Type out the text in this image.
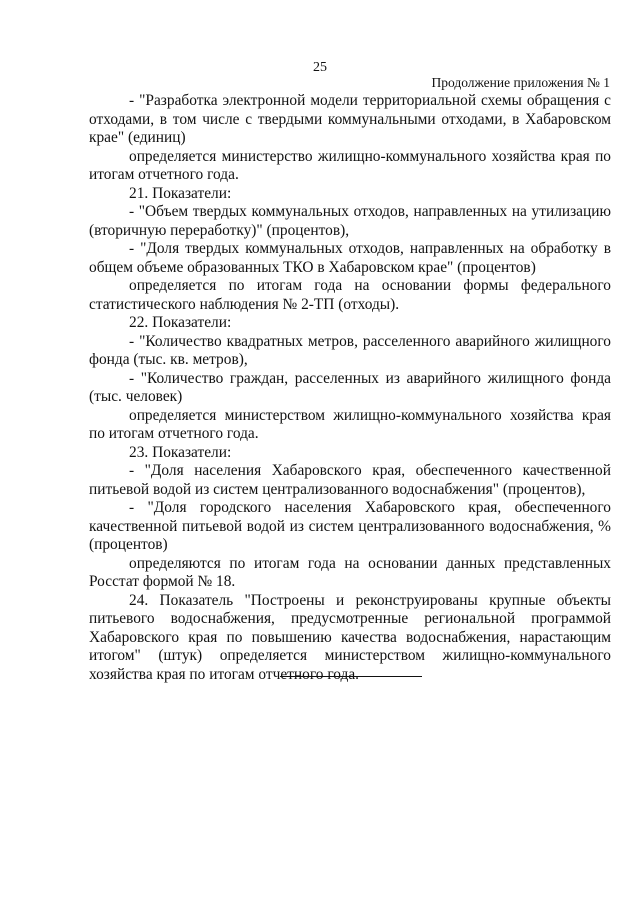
25
Продолжение приложения № 1

- "Разработка электронной модели территориальной схемы обращения с отходами, в том числе с твердыми коммунальными отходами, в Хабаровском крае" (единиц)

определяется министерство жилищно-коммунального хозяйства края по итогам отчетного года.

21. Показатели:

- "Объем твердых коммунальных отходов, направленных на утилизацию (вторичную переработку)" (процентов),

- "Доля твердых коммунальных отходов, направленных на обработку в общем объеме образованных ТКО в Хабаровском крае" (процентов)

определяется по итогам года на основании формы федерального статистического наблюдения № 2-ТП (отходы).

22. Показатели:

- "Количество квадратных метров, расселенного аварийного жилищного фонда (тыс. кв. метров),

- "Количество граждан, расселенных из аварийного жилищного фонда (тыс. человек)

определяется министерством жилищно-коммунального хозяйства края по итогам отчетного года.

23. Показатели:

- "Доля населения Хабаровского края, обеспеченного качественной питьевой водой из систем централизованного водоснабжения" (процентов),

- "Доля городского населения Хабаровского края, обеспеченного качественной питьевой водой из систем централизованного водоснабжения, % (процентов)

определяются по итогам года на основании данных представленных Росстат формой № 18.

24. Показатель "Построены и реконструированы крупные объекты питьевого водоснабжения, предусмотренные региональной программой Хабаровского края по повышению качества водоснабжения, нарастающим итогом" (штук) определяется министерством жилищно-коммунального хозяйства края по итогам отчетного года.
